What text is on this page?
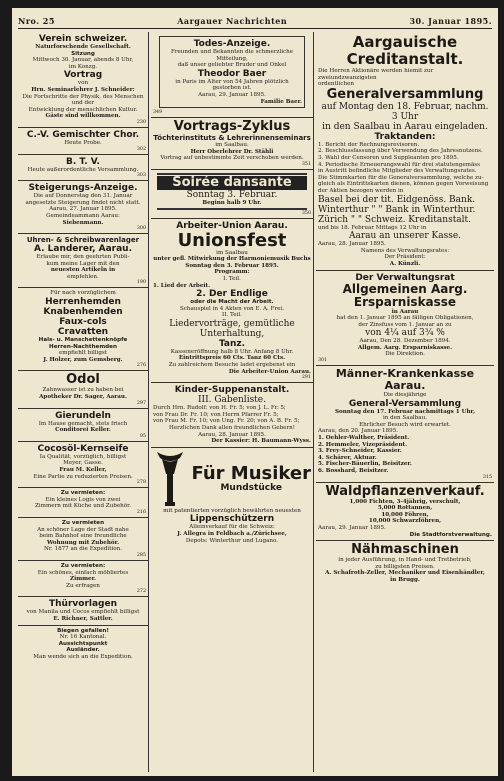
Nro. 25	Aargauer Nachrichten	30. Januar 1895.

Verein schweizer.

Naturforschende Gesellschaft.

Sitzung

Mittwoch 30. Januar, abends 8 Uhr,

im Konzg.

Vortrag

von

Hrn. Seminarlehrer J. Schneider:

Die Fortschritte der Physik, des Menschen und der

Entwicklung der menschlichen Kultur.

Gäste sind willkommen.

230

C.-V. Gemischter Chor.

Heute Probe.

302

B. T. V.

Heute außerordentliche Versammlung.

303

Steigerungs-Anzeige.

Die auf Donnerstag den 31. Januar

angesetzte Steigerung findet nicht statt.

Aarau, 27. Januar 1895.

Gemeindeammann Aarau:

Siebenmann.

300

Uhren- & Schreibwarenlager

A. Landerer, Aarau.

Erlaube mir, den geehrten Publi-

kum meine Lager mit den

neuesten Artikeln in

empfehlen.

190

Für nach vorzüglichem

Herrenhemden

Knabenhemden

Faux-cols

Cravatten

Hals- u. Manschettenknöpfe

Herren-Nachthemden

empfiehlt billigst

J. Holzer, zum Gemsberg.

276

Odol

Zahnwasser ist zu haben bei

Apotheker Dr. Sager, Aarau.

297

Gierundeln

Im Hause gemacht, stets frisch

Conditorei Keller.

95

Cocosöl-Kernseife

Ia Qualität, vorzüglich, billigst

Meyer, Gasse.

Frau M. Keller,

Eine Partie zu reduzierten Preisen.

278

Zu vermieten:

Ein kleines Logis von zwei

Zimmern mit Küche und Zubehör.

216

Zu vermieten

An schöner Lage der Stadt nahe

beim Bahnhof eine freundliche

Wohnung mit Zubehör.

Nr. 1877 an die Expedition.

285

Zu vermieten:

Ein schönes, einfach möbliertes

Zimmer.

Zu erfragen

272

Thürvorlagen

von Manila und Cocos empfiehlt billigst

E. Richner, Sattler.

Biegen gefallen!

Nr. 16 Kantonal.

Aussichtspunkt

Ausländer.

Man wende sich an die Expedition.

Todes-Anzeige.

Freunden und Bekannten die schmerzliche Mitteilung,

daß unser geliebter Bruder und Onkel

Theodor Baer

in Paris im Alter von 54 Jahren plötzlich gestorben ist.

Aarau, 29. Januar 1895.

Familie Baer.

349

Vortrags-Zyklus

Töchterinstituts & Lehrerinnenseminars

im Saalbau.

Herr Oberlehrer Dr. Stähli

Vortrag auf unbestimmte Zeit verschoben werden.

351

Soirée dansante

Sonntag 3. Februar.

Beginn halb 9 Uhr.

350

Arbeiter-Union Aarau.

Unionsfest

im Saalbau

unter gefl. Mitwirkung der Harmoniemusik Buchs

Sonntag den 3. Februar 1895.

Programm:

I. Teil.

1. Lied der Arbeit.

2. Der Endlige

oder die Macht der Arbeit.

Schauspiel in 4 Akten von E. A. Frei.

II. Teil.

Liedervorträge, gemütliche Unterhaltung,

Tanz.

Kasseneröffnung halb 8 Uhr. Anfang 8 Uhr.

Eintrittspreis 60 Cts. Tanz 60 Cts.

Zu zahlreichem Besuche ladet ergebenst ein

Die Arbeiter-Union Aarau.

291

Kinder-Suppenanstalt.

III. Gabenliste.

Durch Hrn. Rudolf: von H. Fr. 5; von J. L. Fr. 5;

von Frau Dr. Fr. 10; von Herrn Pfarrer Fr. 5;

von Frau M. Fr. 10; von Ung. Fr. 20; von A. B. Fr. 5;

Herzlichen Dank allen freundlichen Gebern!

Aarau, 28. Januar 1895.

Der Kassier: H. Baumann-Wyss.

Für Musiker

Mundstücke

mit patentierten vorzüglich bewährten neuesten

Lippenschützern

Alleinverkauf für die Schweiz:

J. Allegra in Feldbach a./Zürichsee,

Depots: Winterthur und Lugano.

Aargauische Creditanstalt.

Die Herren Aktionäre werden hiemit zur zweiundzwanzigsten

ordentlichen

Generalversammlung

auf Montag den 18. Februar, nachm. 3 Uhr

in den Saalbau in Aarau eingeladen.

Traktanden:

1. Bericht der Rechnungsrevisoren.

2. Beschlussfassung über Verwendung des Jahresnutzens.

3. Wahl der Censoren und Suppleanten pro 1895.

4. Periodische Erneuerungswahl für drei statutengemäss

in Austritt befindliche Mitglieder des Verwaltungsrates.

Die Stimmkarten für die Generalversammlung, welche zu-

gleich als Eintrittskarten dienen, können gegen Vorweisung

der Aktien bezogen werden in

Basel bei der tit. Eidgenöss. Bank.

Winterthur " " Bank in Winterthur.

Zürich " " Schweiz. Kreditanstalt.

und bis 18. Februar Mittags 12 Uhr in

Aarau an unserer Kasse.

Aarau, 28. Januar 1895.

Namens des Verwaltungsrates:

Der Präsident:

A. Künzli.

Der Verwaltungsrat

Allgemeinen Aarg. Ersparniskasse

in Aarau

hat den 1. Januar 1895 an fälligen Obligationen,

der Zinsfuss vom 1. Januar an zu

von 4¼ auf 3¾ %

Aarau, Den 28. Dezember 1894.

Allgem. Aarg. Ersparniskasse.

Die Direktion.

301

Männer-Krankenkasse Aarau.

Die diesjährige

General-Versammlung

Sonntag den 17. Februar nachmittags 1 Uhr,

in den Saalbau.

Ehrlicher Besuch wird erwartet.

Aarau, den 20. Januar 1895.

1. Oehler-Walther, Präsident.

2. Hemmeler, Vizepräsident.

3. Frey-Schneider, Kassier.

4. Schärer, Aktuar.

5. Fischer-Bäuerlin, Beisitzer.

6. Bosshard, Beisitzer.

315

Waldpflanzenverkauf.

1,000 Fichten, 3-4jährig, verschult,

5,000 Rottannen,

10,000 Föhren,

10,000 Schwarzföhren,

Aarau, 29. Januar 1895.

Die Stadtforstverwaltung.

Nähmaschinen

in jeder Ausführung, in Hand- und Tretbetrieb,

zu billigsten Preisen.

A. Schafroth-Zeller, Mechaniker und Eisenhändler,

in Brugg.
